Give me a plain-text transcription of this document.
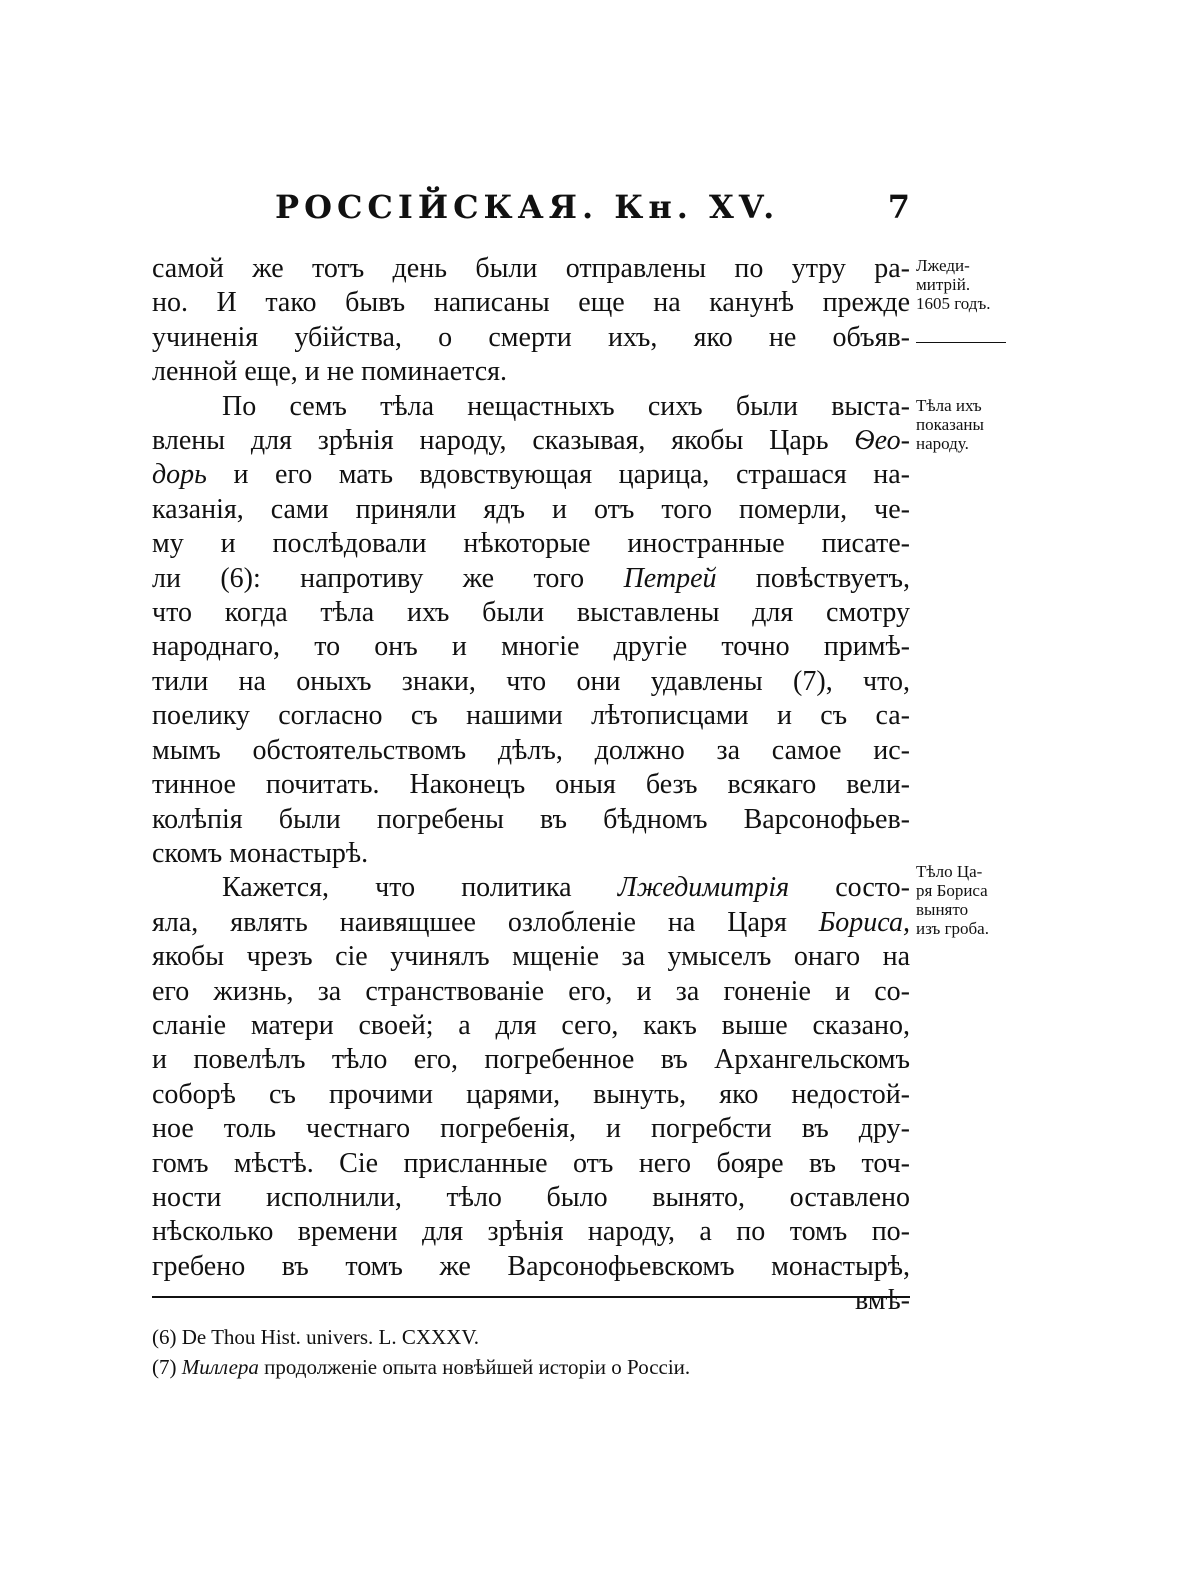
РОССІЙСКАЯ. Кн. XV.	7
самой же тотъ день были отправлены по утру ра-
но. И тако бывъ написаны еще на канунѣ прежде
учиненія убійства, о смерти ихъ, яко не объяв-
ленной еще, и не поминается.
По семъ тѣла нещастныхъ сихъ были выста-
влены для зрѣнія народу, сказывая, якобы Царь Ѳео-
дорь и его мать вдовствующая царица, страшася на-
казанія, сами приняли ядъ и отъ того померли, че-
му и послѣдовали нѣкоторые иностранные писате-
ли (6): напротиву же того Петрей повѣствуетъ,
что когда тѣла ихъ были выставлены для смотру
народнаго, то онъ и многіе другіе точно примѣ-
тили на оныхъ знаки, что они удавлены (7), что,
поелику согласно съ нашими лѣтописцами и съ са-
мымъ обстоятельствомъ дѣлъ, должно за самое ис-
тинное почитать. Наконецъ оныя безъ всякаго вели-
колѣпія были погребены въ бѣдномъ Варсонофьев-
скомъ монастырѣ.
Кажется, что политика Лжедимитрія состо-
яла, являть наивящшее озлобленіе на Царя Бориса,
якобы чрезъ сіе учинялъ мщеніе за умыселъ онаго на
его жизнь, за странствованіе его, и за гоненіе и со-
сланіе матери своей; а для сего, какъ выше сказано,
и повелѣлъ тѣло его, погребенное въ Архангельскомъ
соборѣ съ прочими царями, вынуть, яко недостой-
ное толь честнаго погребенія, и погребсти въ дру-
гомъ мѣстѣ. Сіе присланные отъ него бояре въ точ-
ности исполнили, тѣло было вынято, оставлено
нѣсколько времени для зрѣнія народу, а по томъ по-
гребено въ томъ же Варсонофьевскомъ монастырѣ,
вмѣ-
Лжеди-
митрій.
1605 годъ.
Тѣла ихъ
показаны
народу.
Тѣло Ца-
ря Бориса
вынято
изъ гроба.
(6) De Thou Hist. univers. L. CXXXV.
(7) Миллера продолженіе опыта новѣйшей исторіи о Россіи.
